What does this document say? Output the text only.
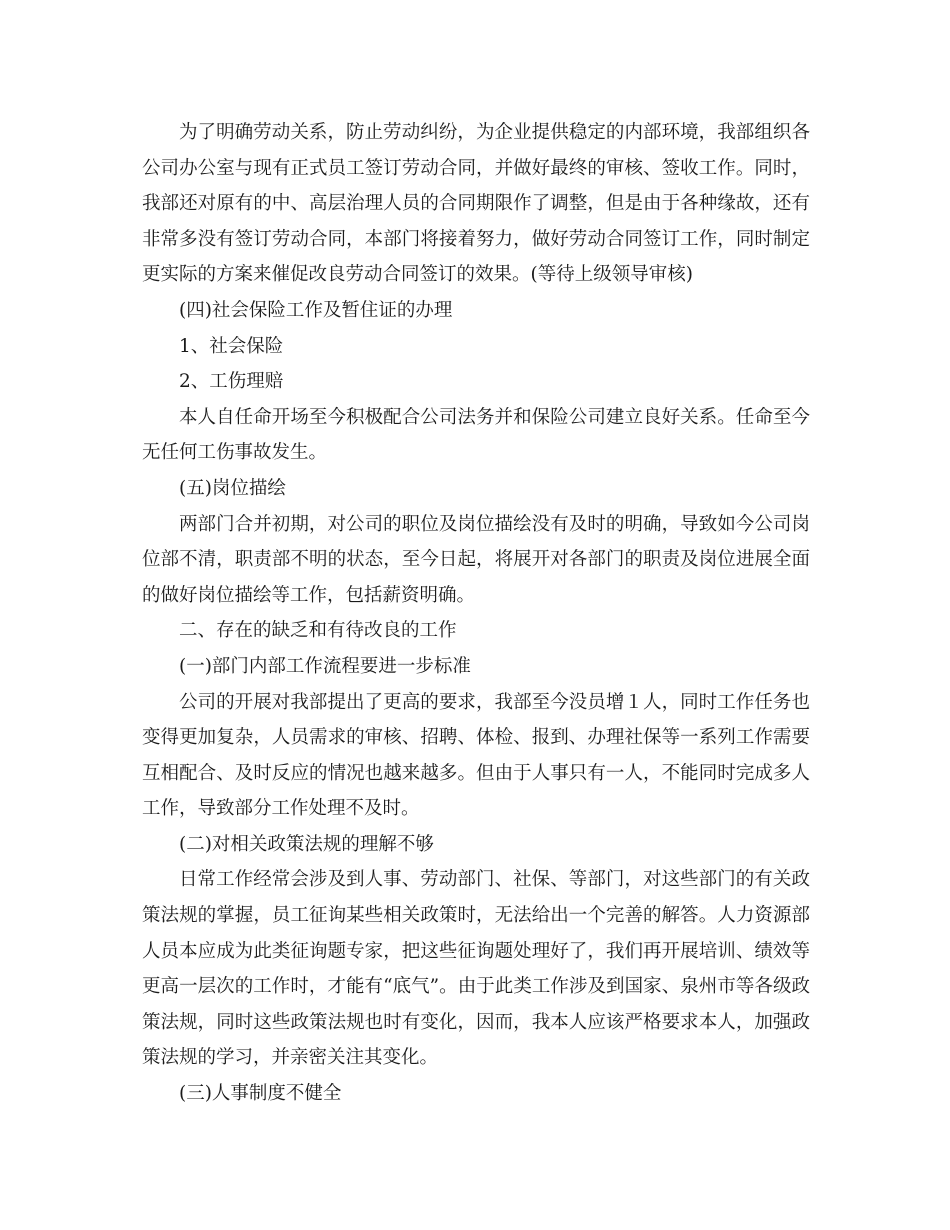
为了明确劳动关系，防止劳动纠纷，为企业提供稳定的内部环境，我部组织各公司办公室与现有正式员工签订劳动合同，并做好最终的审核、签收工作。同时，我部还对原有的中、高层治理人员的合同期限作了调整，但是由于各种缘故，还有非常多没有签订劳动合同，本部门将接着努力，做好劳动合同签订工作，同时制定更实际的方案来催促改良劳动合同签订的效果。(等待上级领导审核)

(四)社会保险工作及暂住证的办理

1、社会保险

2、工伤理赔

本人自任命开场至今积极配合公司法务并和保险公司建立良好关系。任命至今无任何工伤事故发生。

(五)岗位描绘

两部门合并初期，对公司的职位及岗位描绘没有及时的明确，导致如今公司岗位部不清，职责部不明的状态，至今日起，将展开对各部门的职责及岗位进展全面的做好岗位描绘等工作，包括薪资明确。

二、存在的缺乏和有待改良的工作

(一)部门内部工作流程要进一步标准

公司的开展对我部提出了更高的要求，我部至今没员增１人，同时工作任务也变得更加复杂，人员需求的审核、招聘、体检、报到、办理社保等一系列工作需要互相配合、及时反应的情况也越来越多。但由于人事只有一人，不能同时完成多人工作，导致部分工作处理不及时。

(二)对相关政策法规的理解不够

日常工作经常会涉及到人事、劳动部门、社保、等部门，对这些部门的有关政策法规的掌握，员工征询某些相关政策时，无法给出一个完善的解答。人力资源部人员本应成为此类征询题专家，把这些征询题处理好了，我们再开展培训、绩效等更高一层次的工作时，才能有“底气”。由于此类工作涉及到国家、泉州市等各级政策法规，同时这些政策法规也时有变化，因而，我本人应该严格要求本人，加强政策法规的学习，并亲密关注其变化。

(三)人事制度不健全
